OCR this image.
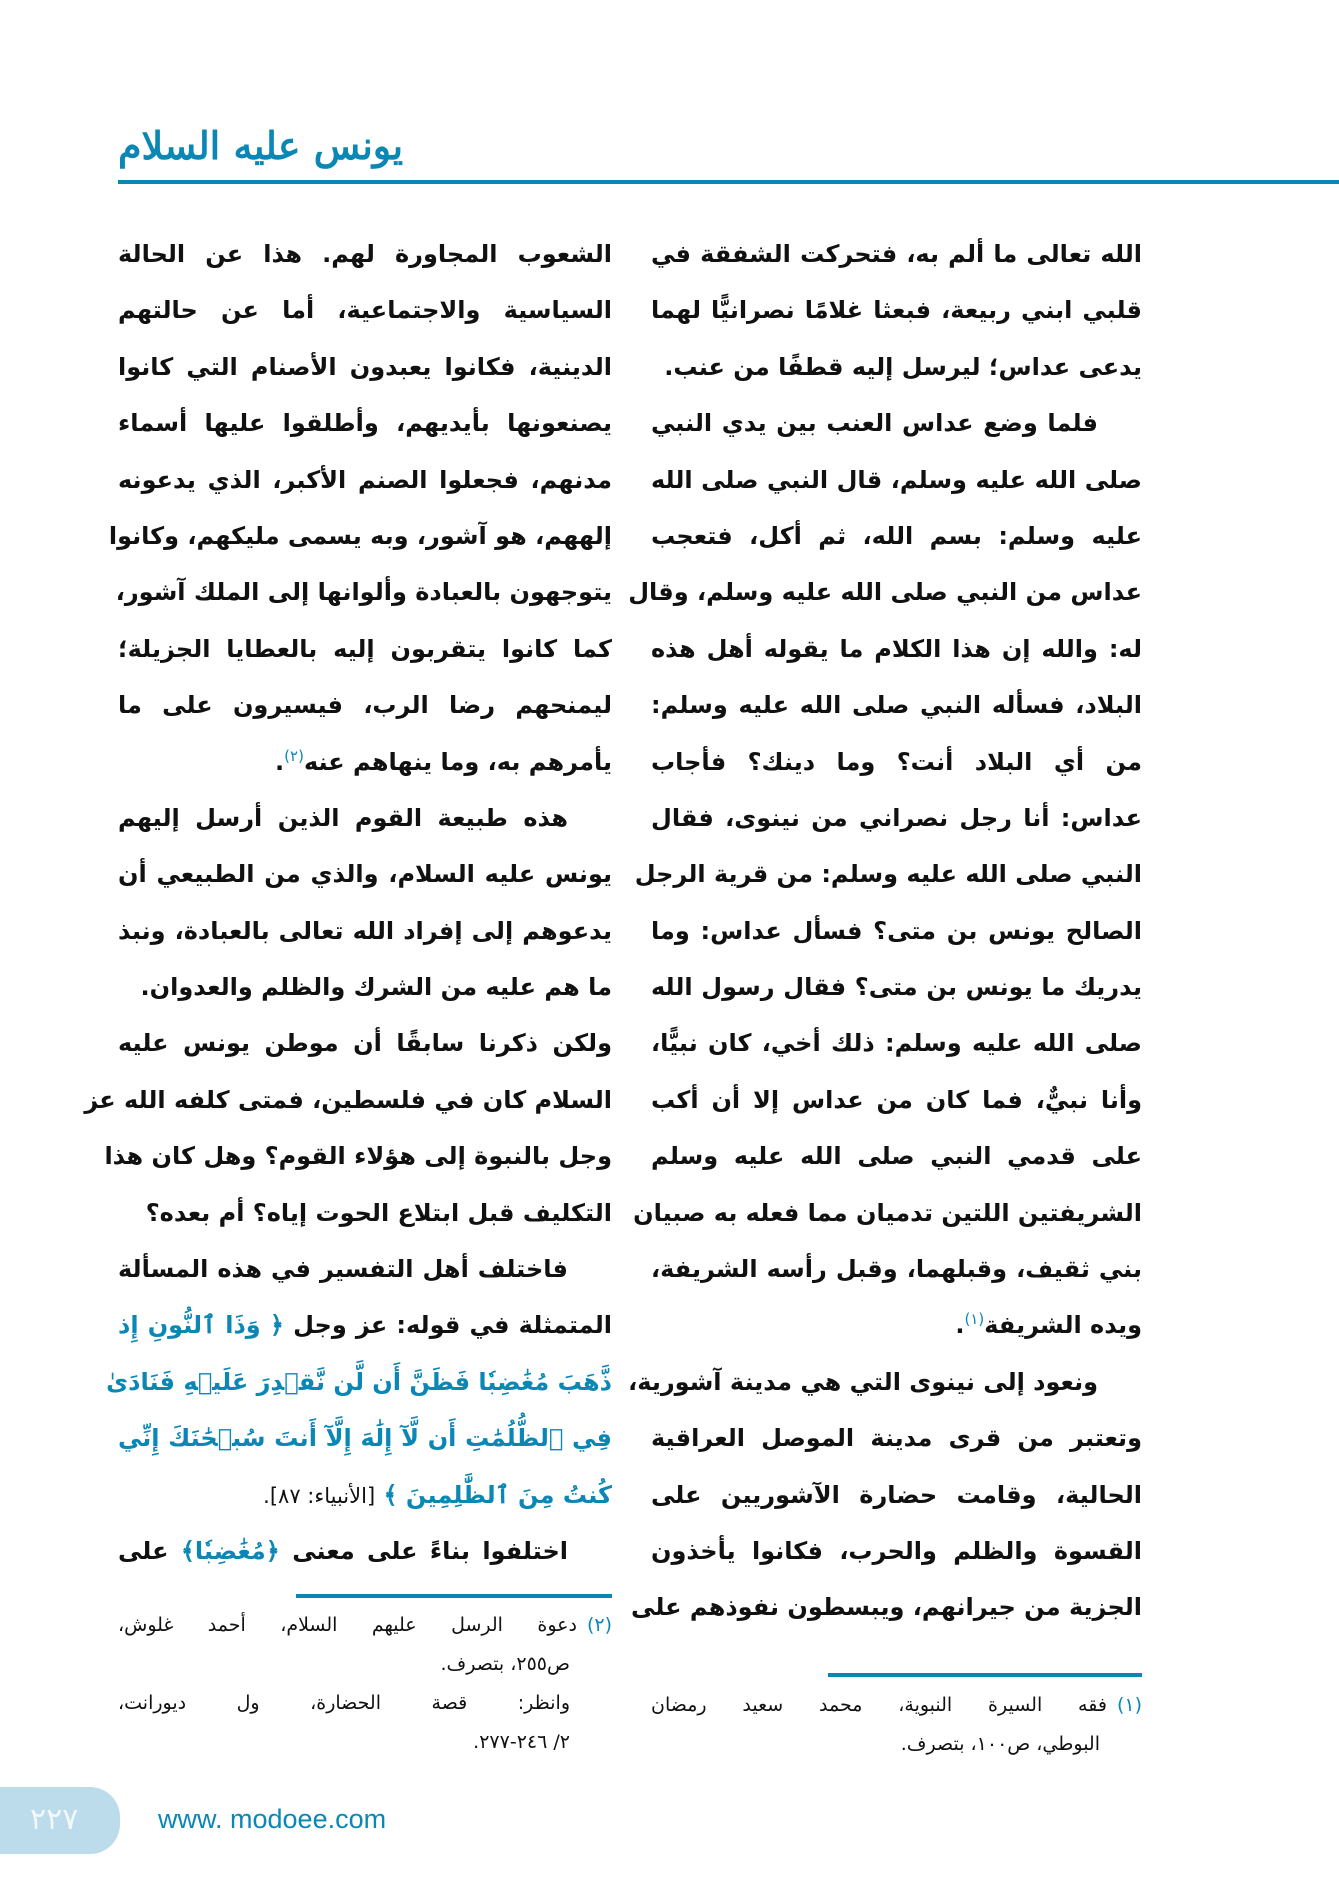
يونس عليه السلام
الله تعالى ما ألم به، فتحركت الشفقة في
قلبي ابني ربيعة، فبعثا غلامًا نصرانيًّا لهما
يدعى عداس؛ ليرسل إليه قطفًا من عنب.
فلما وضع عداس العنب بين يدي النبي
صلى الله عليه وسلم، قال النبي صلى الله
عليه وسلم: بسم الله، ثم أكل، فتعجب
عداس من النبي صلى الله عليه وسلم، وقال
له: والله إن هذا الكلام ما يقوله أهل هذه
البلاد، فسأله النبي صلى الله عليه وسلم:
من أي البلاد أنت؟ وما دينك؟ فأجاب
عداس: أنا رجل نصراني من نينوى، فقال
النبي صلى الله عليه وسلم: من قرية الرجل
الصالح يونس بن متى؟ فسأل عداس: وما
يدريك ما يونس بن متى؟ فقال رسول الله
صلى الله عليه وسلم: ذلك أخي، كان نبيًّا،
وأنا نبيٌّ، فما كان من عداس إلا أن أكب
على قدمي النبي صلى الله عليه وسلم
الشريفتين اللتين تدميان مما فعله به صبيان
بني ثقيف، وقبلهما، وقبل رأسه الشريفة،
ويده الشريفة$^{(١)}$.
ونعود إلى نينوى التي هي مدينة آشورية،
وتعتبر من قرى مدينة الموصل العراقية
الحالية، وقامت حضارة الآشوريين على
القسوة والظلم والحرب، فكانوا يأخذون
الجزية من جيرانهم، ويبسطون نفوذهم على
الشعوب المجاورة لهم. هذا عن الحالة
السياسية والاجتماعية، أما عن حالتهم
الدينية، فكانوا يعبدون الأصنام التي كانوا
يصنعونها بأيديهم، وأطلقوا عليها أسماء
مدنهم، فجعلوا الصنم الأكبر، الذي يدعونه
إلههم، هو آشور، وبه يسمى مليكهم، وكانوا
يتوجهون بالعبادة وألوانها إلى الملك آشور،
كما كانوا يتقربون إليه بالعطايا الجزيلة؛
ليمنحهم رضا الرب، فيسيرون على ما
يأمرهم به، وما ينهاهم عنه$^{(٢)}$.
هذه طبيعة القوم الذين أرسل إليهم
يونس عليه السلام، والذي من الطبيعي أن
يدعوهم إلى إفراد الله تعالى بالعبادة، ونبذ
ما هم عليه من الشرك والظلم والعدوان.
ولكن ذكرنا سابقًا أن موطن يونس عليه
السلام كان في فلسطين، فمتى كلفه الله عز
وجل بالنبوة إلى هؤلاء القوم؟ وهل كان هذا
التكليف قبل ابتلاع الحوت إياه؟ أم بعده؟
فاختلف أهل التفسير في هذه المسألة
المتمثلة في قوله: عز وجل ﴿ وَذَا ٱلنُّونِ إِذ
ذَّهَبَ مُغَٰضِبٗا فَظَنَّ أَن لَّن نَّقۡدِرَ عَلَيۡهِ فَنَادَىٰ
فِي ٱلظُّلُمَٰتِ أَن لَّآ إِلَٰهَ إِلَّآ أَنتَ سُبۡحَٰنَكَ إِنِّي
كُنتُ مِنَ ٱلظَّٰلِمِينَ ﴾ [الأنبياء: ٨٧].
اختلفوا بناءً على معنى ﴿مُغَٰضِبٗا﴾ على
(١)فقه السيرة النبوية، محمد سعيد رمضان
البوطي، ص١٠٠، بتصرف.
(٢)دعوة الرسل عليهم السلام، أحمد غلوش،
ص٢٥٥، بتصرف.
وانظر: قصة الحضارة، ول ديورانت،
٢/ ٢٤٦-٢٧٧.
٢٢٧	www. modoee.com
